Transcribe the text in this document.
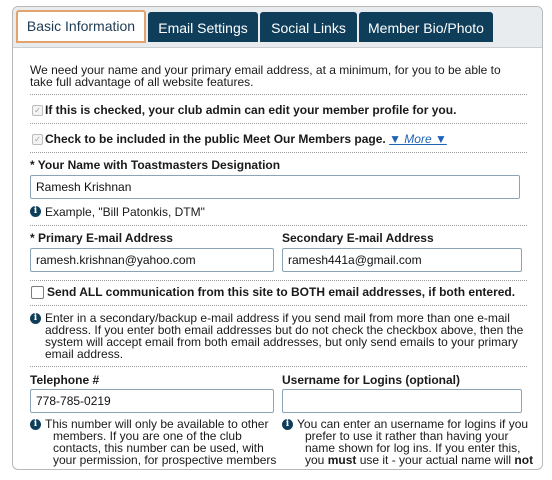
Basic Information	Email Settings	Social Links	Member Bio/Photo
We need your name and your primary email address, at a minimum, for you to be able to
take full advantage of all website features.
✓ If this is checked, your club admin can edit your member profile for you.
✓ Check to be included in the public Meet Our Members page. ▼ More ▼
* Your Name with Toastmasters Designation
Ramesh Krishnan
i Example, "Bill Patonkis, DTM"
* Primary E-mail Address
ramesh.krishnan@yahoo.com
Secondary E-mail Address
ramesh441a@gmail.com
Send ALL communication from this site to BOTH email addresses, if both entered.
i Enter in a secondary/backup e-mail address if you send mail from more than one e-mail
address. If you enter both email addresses but do not check the checkbox above, then the
system will accept email from both email addresses, but only send emails to your primary
email address.
Telephone #
778-785-0219
Username for Logins (optional)
i This number will only be available to other
members. If you are one of the club
contacts, this number can be used, with
your permission, for prospective members
i You can enter an username for logins if you
prefer to use it rather than having your
name shown for log ins. If you enter this,
you must use it - your actual name will not
